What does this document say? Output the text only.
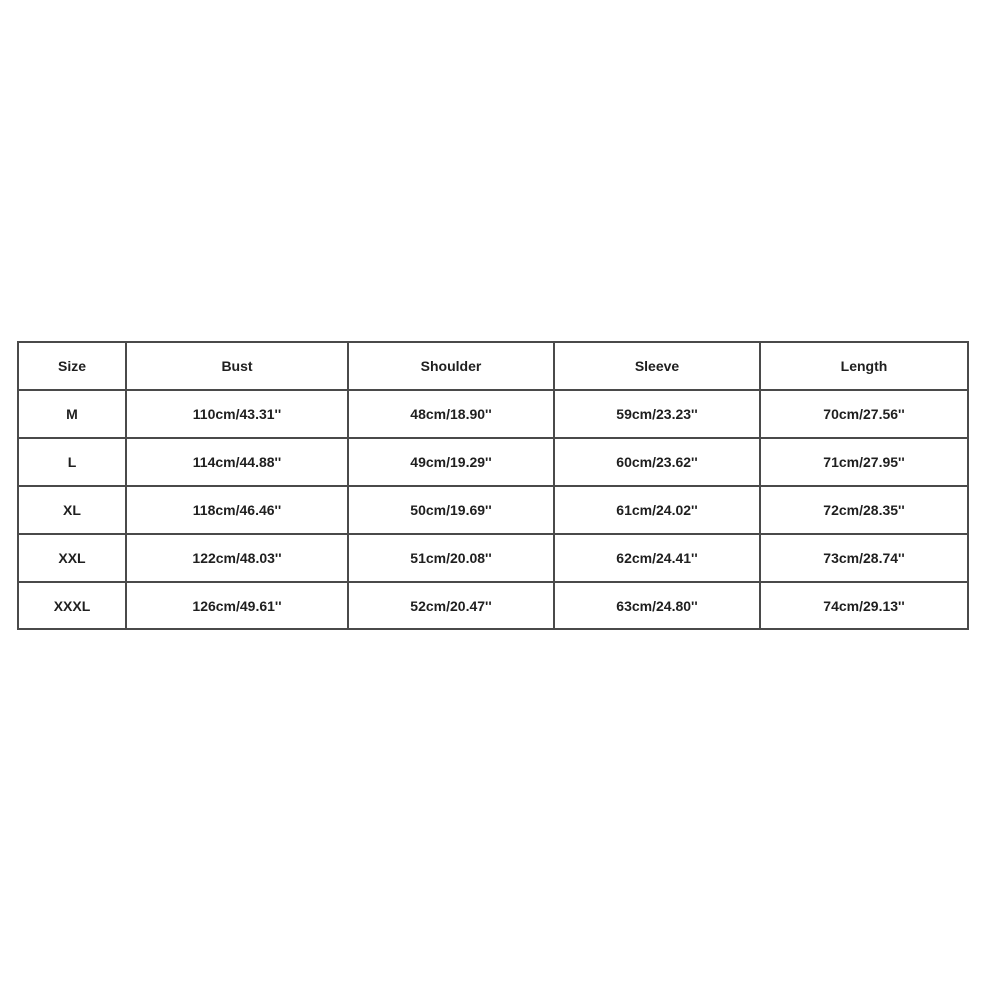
Size	Bust	Shoulder	Sleeve	Length
M	110cm/43.31''	48cm/18.90''	59cm/23.23''	70cm/27.56''
L	114cm/44.88''	49cm/19.29''	60cm/23.62''	71cm/27.95''
XL	118cm/46.46''	50cm/19.69''	61cm/24.02''	72cm/28.35''
XXL	122cm/48.03''	51cm/20.08''	62cm/24.41''	73cm/28.74''
XXXL	126cm/49.61''	52cm/20.47''	63cm/24.80''	74cm/29.13''
